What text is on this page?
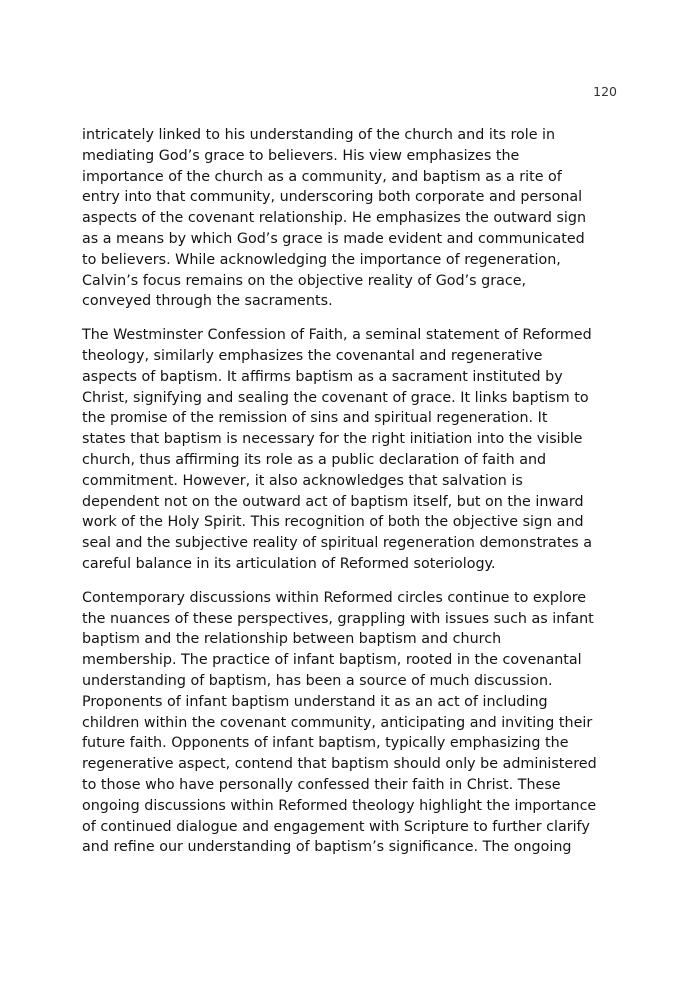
120

intricately linked to his understanding of the church and its role in
mediating God’s grace to believers. His view emphasizes the
importance of the church as a community, and baptism as a rite of
entry into that community, underscoring both corporate and personal
aspects of the covenant relationship. He emphasizes the outward sign
as a means by which God’s grace is made evident and communicated
to believers. While acknowledging the importance of regeneration,
Calvin’s focus remains on the objective reality of God’s grace,
conveyed through the sacraments.

The Westminster Confession of Faith, a seminal statement of Reformed
theology, similarly emphasizes the covenantal and regenerative
aspects of baptism. It affirms baptism as a sacrament instituted by
Christ, signifying and sealing the covenant of grace. It links baptism to
the promise of the remission of sins and spiritual regeneration. It
states that baptism is necessary for the right initiation into the visible
church, thus affirming its role as a public declaration of faith and
commitment. However, it also acknowledges that salvation is
dependent not on the outward act of baptism itself, but on the inward
work of the Holy Spirit. This recognition of both the objective sign and
seal and the subjective reality of spiritual regeneration demonstrates a
careful balance in its articulation of Reformed soteriology.

Contemporary discussions within Reformed circles continue to explore
the nuances of these perspectives, grappling with issues such as infant
baptism and the relationship between baptism and church
membership. The practice of infant baptism, rooted in the covenantal
understanding of baptism, has been a source of much discussion.
Proponents of infant baptism understand it as an act of including
children within the covenant community, anticipating and inviting their
future faith. Opponents of infant baptism, typically emphasizing the
regenerative aspect, contend that baptism should only be administered
to those who have personally confessed their faith in Christ. These
ongoing discussions within Reformed theology highlight the importance
of continued dialogue and engagement with Scripture to further clarify
and refine our understanding of baptism’s significance. The ongoing
